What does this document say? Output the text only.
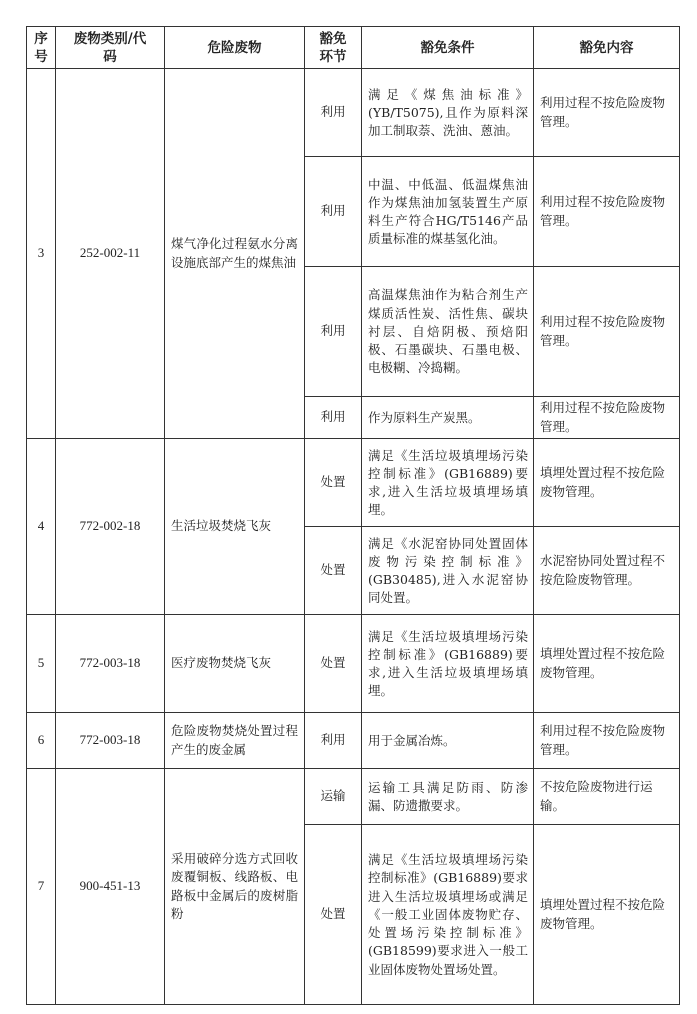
序号	废物类别/代码	危险废物	豁免环节	豁免条件	豁免内容
3	252-002-11	煤气净化过程氨水分离设施底部产生的煤焦油	利用	满足《煤焦油标准》(YB/T5075),且作为原料深加工制取萘、洗油、蒽油。	利用过程不按危险废物管理。
			利用	中温、中低温、低温煤焦油作为煤焦油加氢装置生产原料生产符合HG/T5146产品质量标准的煤基氢化油。	利用过程不按危险废物管理。
			利用	高温煤焦油作为粘合剂生产煤质活性炭、活性焦、碳块衬层、自焙阴极、预焙阳极、石墨碳块、石墨电极、电极糊、冷捣糊。	利用过程不按危险废物管理。
			利用	作为原料生产炭黑。	利用过程不按危险废物管理。
4	772-002-18	生活垃圾焚烧飞灰	处置	满足《生活垃圾填埋场污染控制标准》(GB16889)要求,进入生活垃圾填埋场填埋。	填埋处置过程不按危险废物管理。
			处置	满足《水泥窑协同处置固体废物污染控制标准》(GB30485),进入水泥窑协同处置。	水泥窑协同处置过程不按危险废物管理。
5	772-003-18	医疗废物焚烧飞灰	处置	满足《生活垃圾填埋场污染控制标准》(GB16889)要求,进入生活垃圾填埋场填埋。	填埋处置过程不按危险废物管理。
6	772-003-18	危险废物焚烧处置过程产生的废金属	利用	用于金属冶炼。	利用过程不按危险废物管理。
7	900-451-13	采用破碎分选方式回收废覆铜板、线路板、电路板中金属后的废树脂粉	运输	运输工具满足防雨、防渗漏、防遗撒要求。	不按危险废物进行运输。
			处置	满足《生活垃圾填埋场污染控制标准》(GB16889)要求进入生活垃圾填埋场或满足《一般工业固体废物贮存、处置场污染控制标准》(GB18599)要求进入一般工业固体废物处置场处置。	填埋处置过程不按危险废物管理。
